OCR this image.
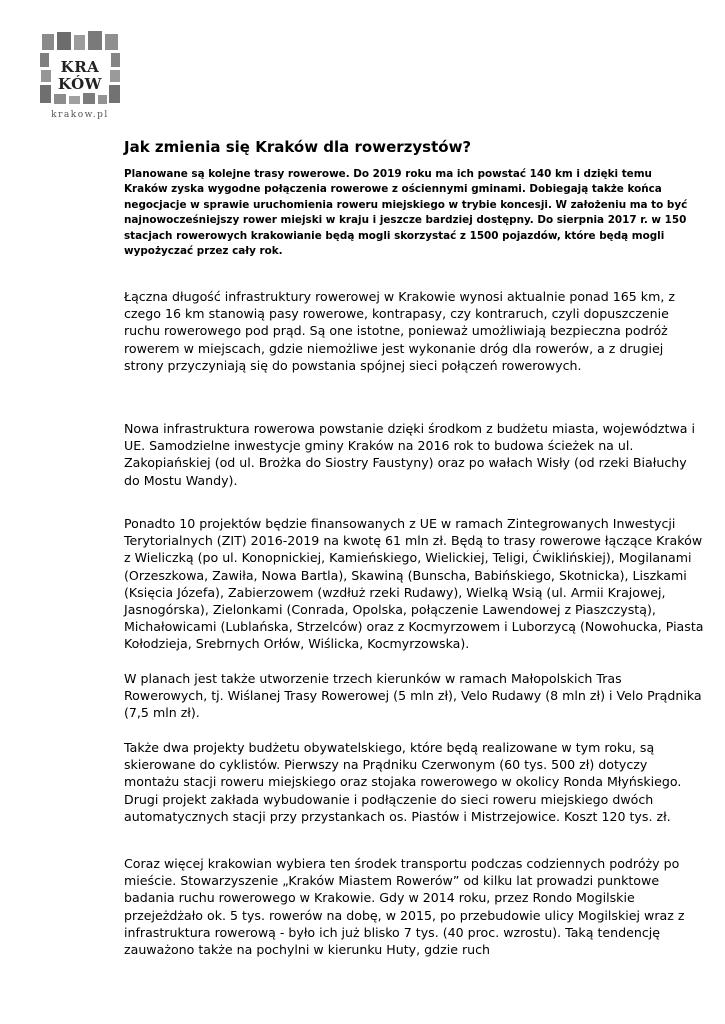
KRA
KÓW
krakow.pl
Jak zmienia się Kraków dla rowerzystów?

Planowane są kolejne trasy rowerowe. Do 2019 roku ma ich powstać 140 km i dzięki temu Kraków zyska wygodne połączenia rowerowe z ościennymi gminami. Dobiegają także końca negocjacje w sprawie uruchomienia roweru miejskiego w trybie koncesji. W założeniu ma to być najnowocześniejszy rower miejski w kraju i jeszcze bardziej dostępny. Do sierpnia 2017 r. w 150 stacjach rowerowych krakowianie będą mogli skorzystać z 1500 pojazdów, które będą mogli wypożyczać przez cały rok.

Łączna długość infrastruktury rowerowej w Krakowie wynosi aktualnie ponad 165 km, z czego 16 km stanowią pasy rowerowe, kontrapasy, czy kontraruch, czyli dopuszczenie ruchu rowerowego pod prąd. Są one istotne, ponieważ umożliwiają bezpieczna podróż rowerem w miejscach, gdzie niemożliwe jest wykonanie dróg dla rowerów, a z drugiej strony przyczyniają się do powstania spójnej sieci połączeń rowerowych.

Nowa infrastruktura rowerowa powstanie dzięki środkom z budżetu miasta, województwa i UE. Samodzielne inwestycje gminy Kraków na 2016 rok to budowa ścieżek na ul. Zakopiańskiej (od ul. Brożka do Siostry Faustyny) oraz po wałach Wisły (od rzeki Białuchy do Mostu Wandy).

Ponadto 10 projektów będzie finansowanych z UE w ramach Zintegrowanych Inwestycji Terytorialnych (ZIT) 2016-2019 na kwotę 61 mln zł. Będą to trasy rowerowe łączące Kraków z Wieliczką (po ul. Konopnickiej, Kamieńskiego, Wielickiej, Teligi, Ćwiklińskiej), Mogilanami (Orzeszkowa, Zawiła, Nowa Bartla), Skawiną (Bunscha, Babińskiego, Skotnicka), Liszkami (Księcia Józefa), Zabierzowem (wzdłuż rzeki Rudawy), Wielką Wsią (ul. Armii Krajowej, Jasnogórska), Zielonkami (Conrada, Opolska, połączenie Lawendowej z Piaszczystą), Michałowicami (Lublańska, Strzelców) oraz z Kocmyrzowem i Luborzycą (Nowohucka, Piasta Kołodzieja, Srebrnych Orłów, Wiślicka, Kocmyrzowska).

W planach jest także utworzenie trzech kierunków w ramach Małopolskich Tras Rowerowych, tj. Wiślanej Trasy Rowerowej (5 mln zł), Velo Rudawy (8 mln zł) i Velo Prądnika (7,5 mln zł).

Także dwa projekty budżetu obywatelskiego, które będą realizowane w tym roku, są skierowane do cyklistów. Pierwszy na Prądniku Czerwonym (60 tys. 500 zł) dotyczy montażu stacji roweru miejskiego oraz stojaka rowerowego w okolicy Ronda Młyńskiego. Drugi projekt zakłada wybudowanie i podłączenie do sieci roweru miejskiego dwóch automatycznych stacji przy przystankach os. Piastów i Mistrzejowice. Koszt 120 tys. zł.

Coraz więcej krakowian wybiera ten środek transportu podczas codziennych podróży po mieście. Stowarzyszenie „Kraków Miastem Rowerów” od kilku lat prowadzi punktowe badania ruchu rowerowego w Krakowie. Gdy w 2014 roku, przez Rondo Mogilskie przejeżdżało ok. 5 tys. rowerów na dobę, w 2015, po przebudowie ulicy Mogilskiej wraz z infrastruktura rowerową - było ich już blisko 7 tys. (40 proc. wzrostu). Taką tendencję zauważono także na pochylni w kierunku Huty, gdzie ruch
